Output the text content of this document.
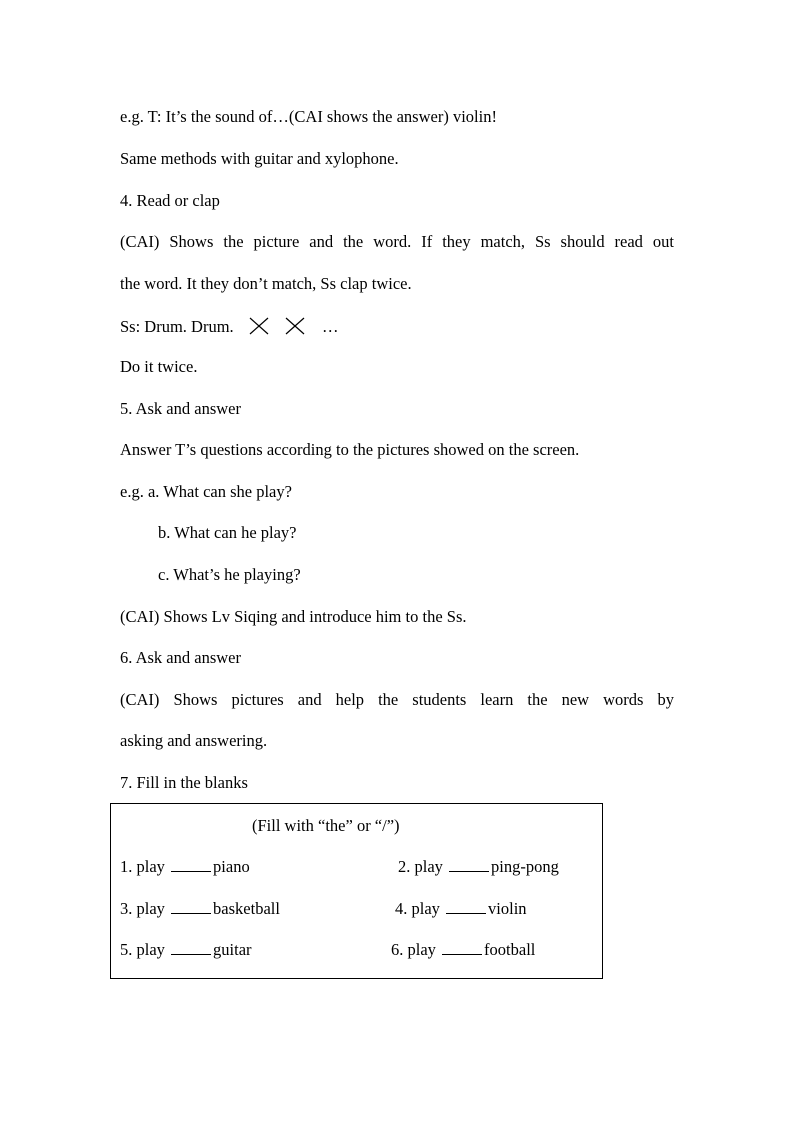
e.g. T: It’s the sound of…(CAI shows the answer) violin!
Same methods with guitar and xylophone.
4. Read or clap
(CAI) Shows the picture and the word. If they match, Ss should read out
the word. It they don’t match, Ss clap twice.
Ss: Drum. Drum.	…
Do it twice.
5. Ask and answer
Answer T’s questions according to the pictures showed on the screen.
e.g. a. What can she play?
b. What can he play?
c. What’s he playing?
(CAI) Shows Lv Siqing and introduce him to the Ss.
6. Ask and answer
(CAI) Shows pictures and help the students learn the new words by
asking and answering.
7. Fill in the blanks
(Fill with “the” or “/”)
1. play	piano	2. play	ping-pong
3. play	basketball	4. play	violin
5. play	guitar	6. play	football
